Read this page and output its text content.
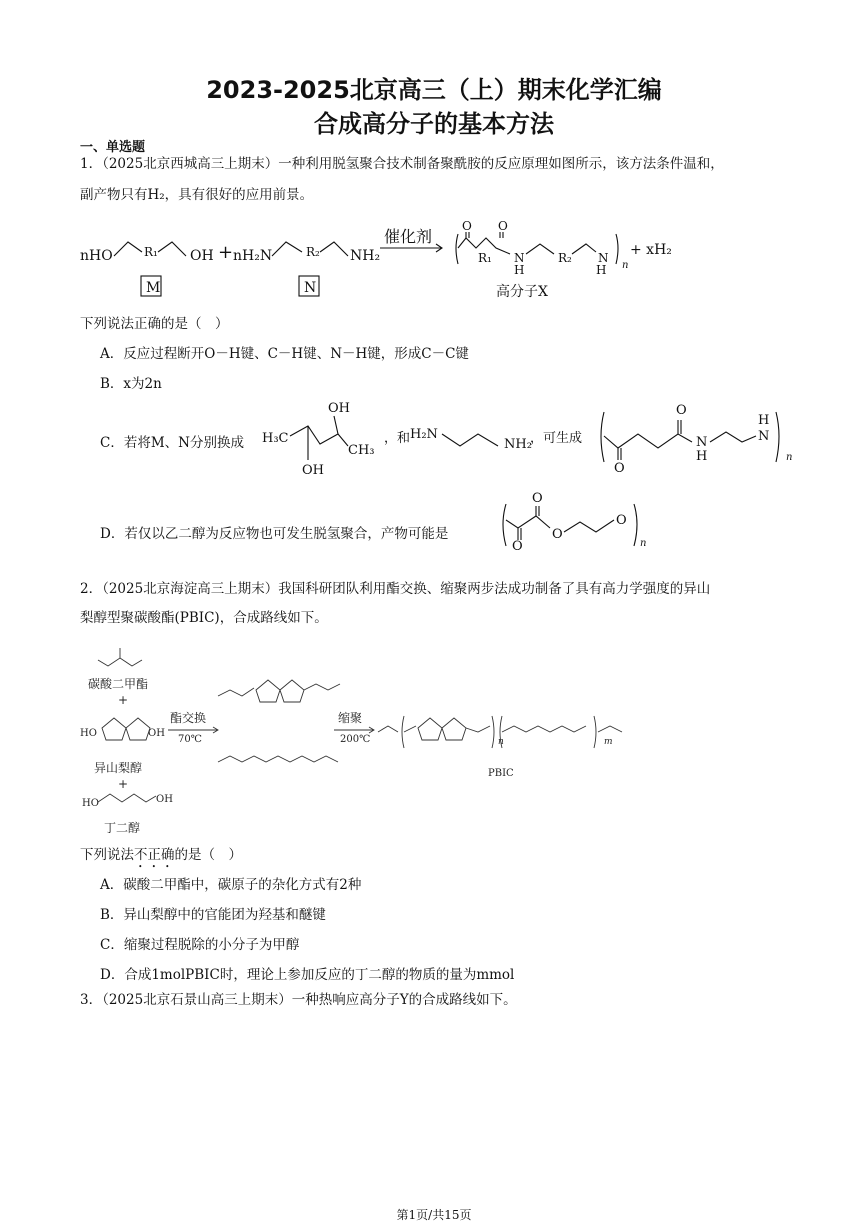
2023-2025北京高三（上）期末化学汇编
合成高分子的基本方法
一、单选题
1．（2025北京西城高三上期末）一种利用脱氢聚合技术制备聚酰胺的反应原理如图所示，该方法条件温和，
副产物只有H₂，具有很好的应用前景。
nHO	R₁ OH + nH₂N	R₂ NH₂
催化剂
O O
R₁ N
H
R₂ N
H n
+ xH₂
M	N	高分子X
下列说法正确的是（　）
A．反应过程断开O－H键、C－H键、N－H键，形成C－C键
B．x为2n
C．若将M、N分别换成 H₃C
OH
OH
CH₃
，和 H₂N
NH₂
，可生成
O
O
N
H
N
H
n
D．若仅以乙二醇为反应物也可发生脱氢聚合，产物可能是
O
O
O
O
n
2．（2025北京海淀高三上期末）我国科研团队利用酯交换、缩聚两步法成功制备了具有高力学强度的异山
梨醇型聚碳酸酯(PBIC)，合成路线如下。
碳酸二甲酯
+
HO	OH
异山梨醇
+
HO	OH
丁二醇
酯交换
70℃
缩聚
200℃	n	m
PBIC
下列说法不正确的是（　）
A．碳酸二甲酯中，碳原子的杂化方式有2种
B．异山梨醇中的官能团为羟基和醚键
C．缩聚过程脱除的小分子为甲醇
D．合成1molPBIC时，理论上参加反应的丁二醇的物质的量为mmol
3．（2025北京石景山高三上期末）一种热响应高分子Y的合成路线如下。
第1页/共15页
